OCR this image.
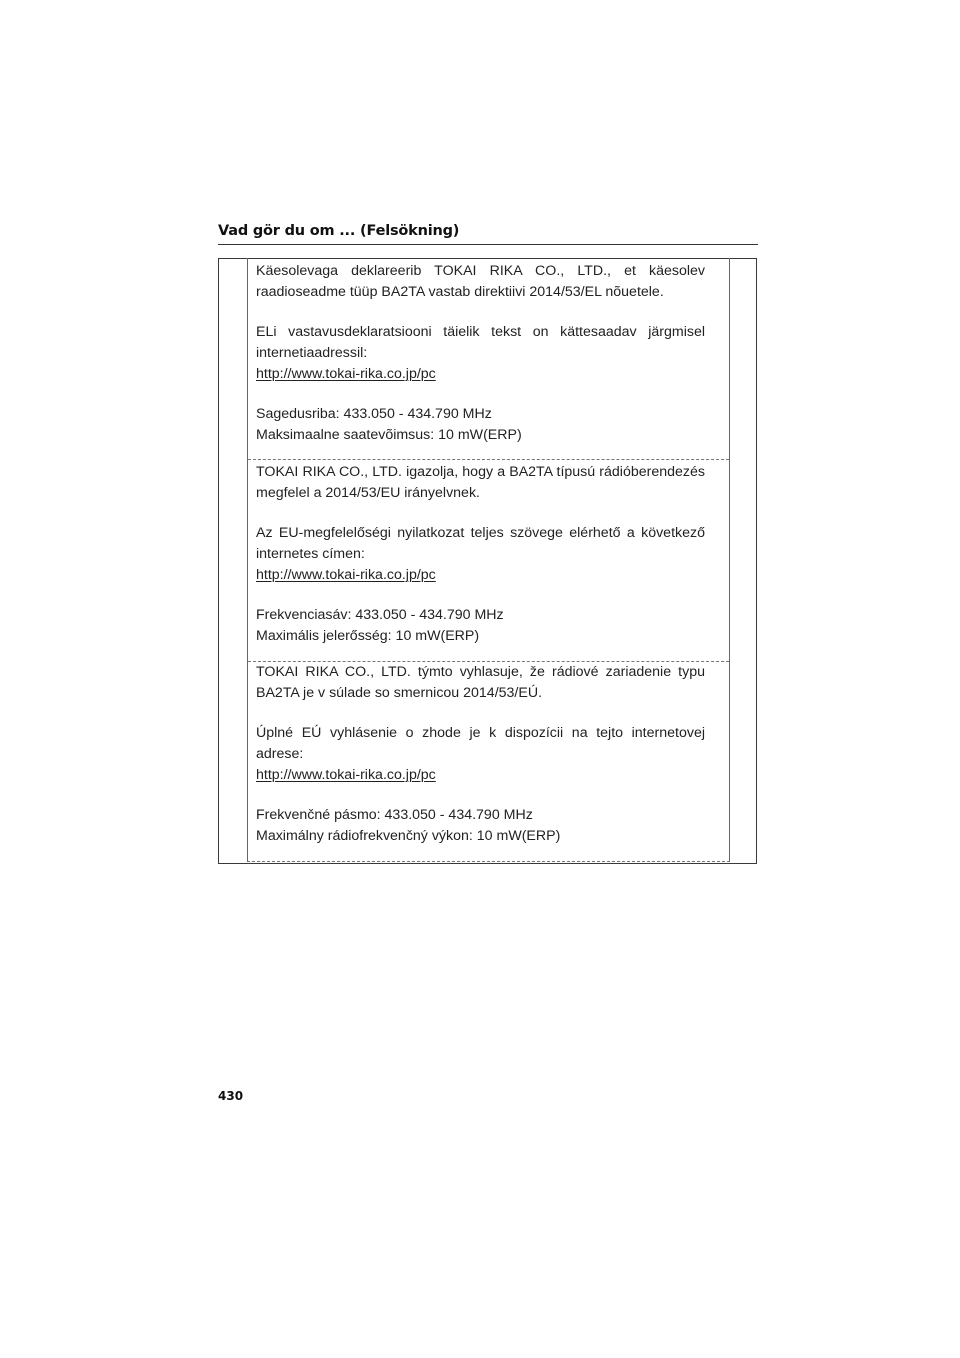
Vad gör du om ... (Felsökning)

Käesolevaga deklareerib TOKAI RIKA CO., LTD., et käesolev raadioseadme tüüp BA2TA vastab direktiivi 2014/53/EL nõuetele.

ELi vastavusdeklaratsiooni täielik tekst on kättesaadav järgmisel internetiaadressil:

http://www.tokai-rika.co.jp/pc

Sagedusriba: 433.050 - 434.790 MHz

Maksimaalne saatevõimsus: 10 mW(ERP)

TOKAI RIKA CO., LTD. igazolja, hogy a BA2TA típusú rádióberendezés megfelel a 2014/53/EU irányelvnek.

Az EU-megfelelőségi nyilatkozat teljes szövege elérhető a következő internetes címen:

http://www.tokai-rika.co.jp/pc

Frekvenciasáv: 433.050 - 434.790 MHz

Maximális jelerősség: 10 mW(ERP)

TOKAI RIKA CO., LTD. týmto vyhlasuje, že rádiové zariadenie typu BA2TA je v súlade so smernicou 2014/53/EÚ.

Úplné EÚ vyhlásenie o zhode je k dispozícii na tejto internetovej adrese:

http://www.tokai-rika.co.jp/pc

Frekvenčné pásmo: 433.050 - 434.790 MHz

Maximálny rádiofrekvenčný výkon: 10 mW(ERP)

430
